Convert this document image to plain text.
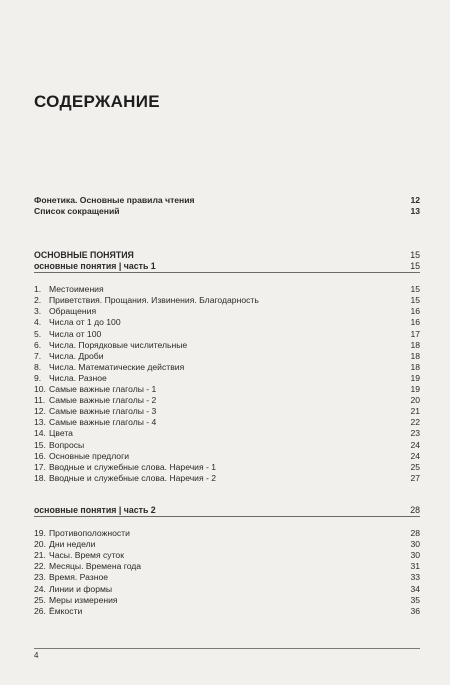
СОДЕРЖАНИЕ
Фонетика. Основные правила чтения	12
Список сокращений	13
ОСНОВНЫЕ ПОНЯТИЯ	15
основные понятия | часть 1	15
1. Местоимения	15
2. Приветствия. Прощания. Извинения. Благодарность	15
3. Обращения	16
4. Числа от 1 до 100	16
5. Числа от 100	17
6. Числа. Порядковые числительные	18
7. Числа. Дроби	18
8. Числа. Математические действия	18
9. Числа. Разное	19
10. Самые важные глаголы - 1	19
11. Самые важные глаголы - 2	20
12. Самые важные глаголы - 3	21
13. Самые важные глаголы - 4	22
14. Цвета	23
15. Вопросы	24
16. Основные предлоги	24
17. Вводные и служебные слова. Наречия - 1	25
18. Вводные и служебные слова. Наречия - 2	27
основные понятия | часть 2	28
19. Противоположности	28
20. Дни недели	30
21. Часы. Время суток	30
22. Месяцы. Времена года	31
23. Время. Разное	33
24. Линии и формы	34
25. Меры измерения	35
26. Ёмкости	36
4
